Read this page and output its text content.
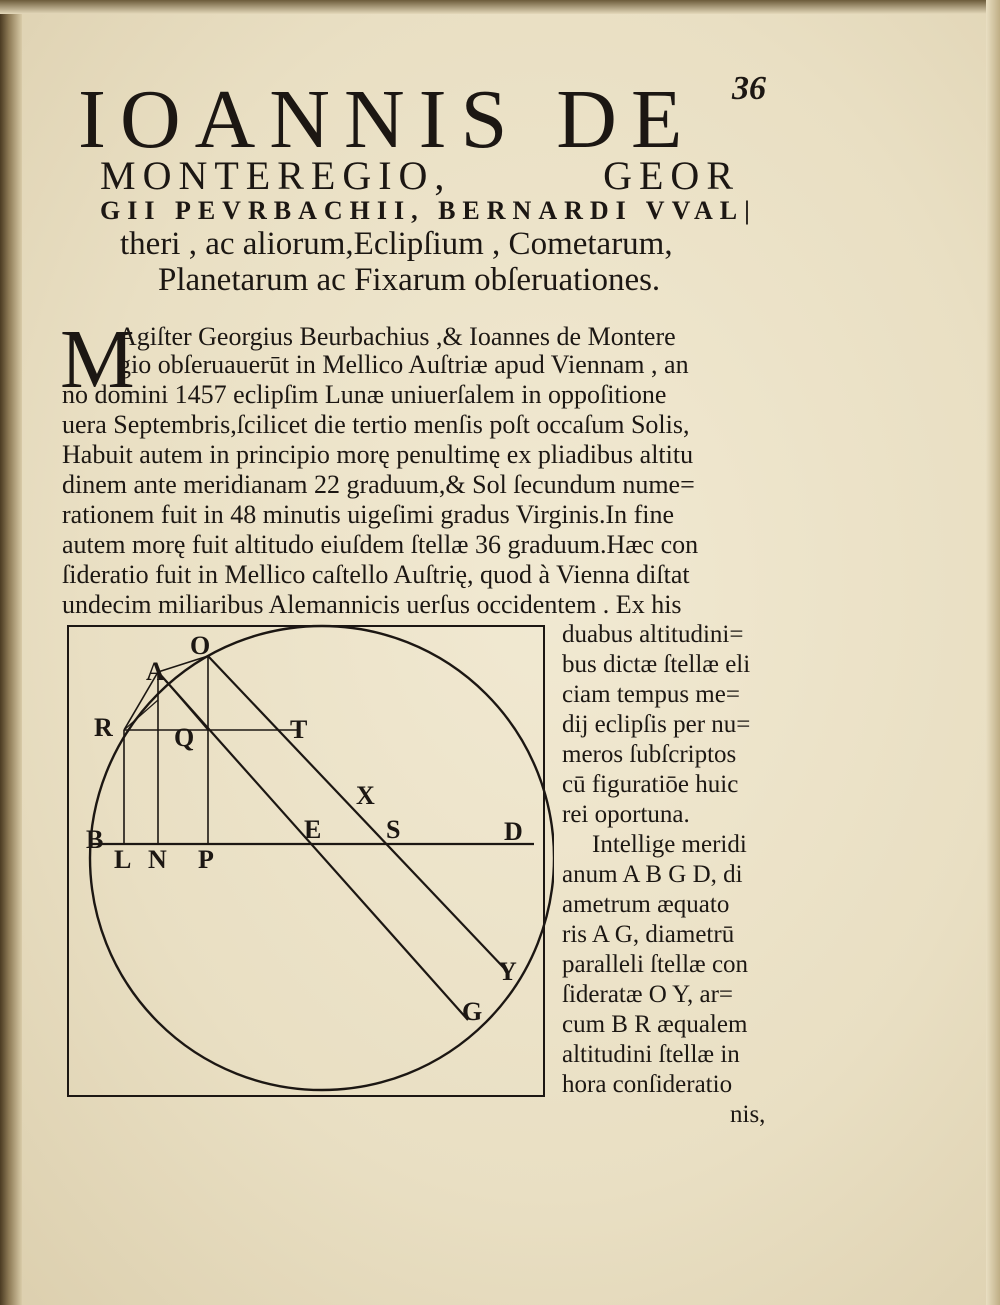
36
IOANNIS DE
MONTEREGIO,	GEOR
GII PEVRBACHII, BERNARDI VVAL|
theri , ac aliorum,Eclipſium , Cometarum,
Planetarum ac Fixarum obſeruationes.
M
Agiſter Georgius Beurbachius ,& Ioannes de Montere
gio obſeruauerūt in Mellico Auſtriæ apud Viennam , an
no domini 1457 eclipſim Lunæ uniuerſalem in oppoſitione
uera Septembris,ſcilicet die tertio menſis poſt occaſum Solis,
Habuit autem in principio morę penultimę ex pliadibus altitu
dinem ante meridianam 22 graduum,& Sol ſecundum nume=
rationem fuit in 48 minutis uigeſimi gradus Virginis.In fine
autem morę fuit altitudo eiuſdem ſtellæ 36 graduum.Hæc con
ſideratio fuit in Mellico caſtello Auſtrię, quod à Vienna diſtat
undecim miliaribus Alemannicis uerſus occidentem . Ex his
duabus altitudini=
bus dictæ ſtellæ eli
ciam tempus me=
dij eclipſis per nu=
meros ſubſcriptos
cū figuratiōe huic
rei oportuna.
Intellige meridi
anum A B G D, di
ametrum æquato
ris A G, diametrū
paralleli ſtellæ con
ſideratæ O Y, ar=
cum B R æqualem
altitudini ſtellæ in
hora conſideratio
nis,
O
A
R Q	T
X
E S	D
B
L N P
Y
G
